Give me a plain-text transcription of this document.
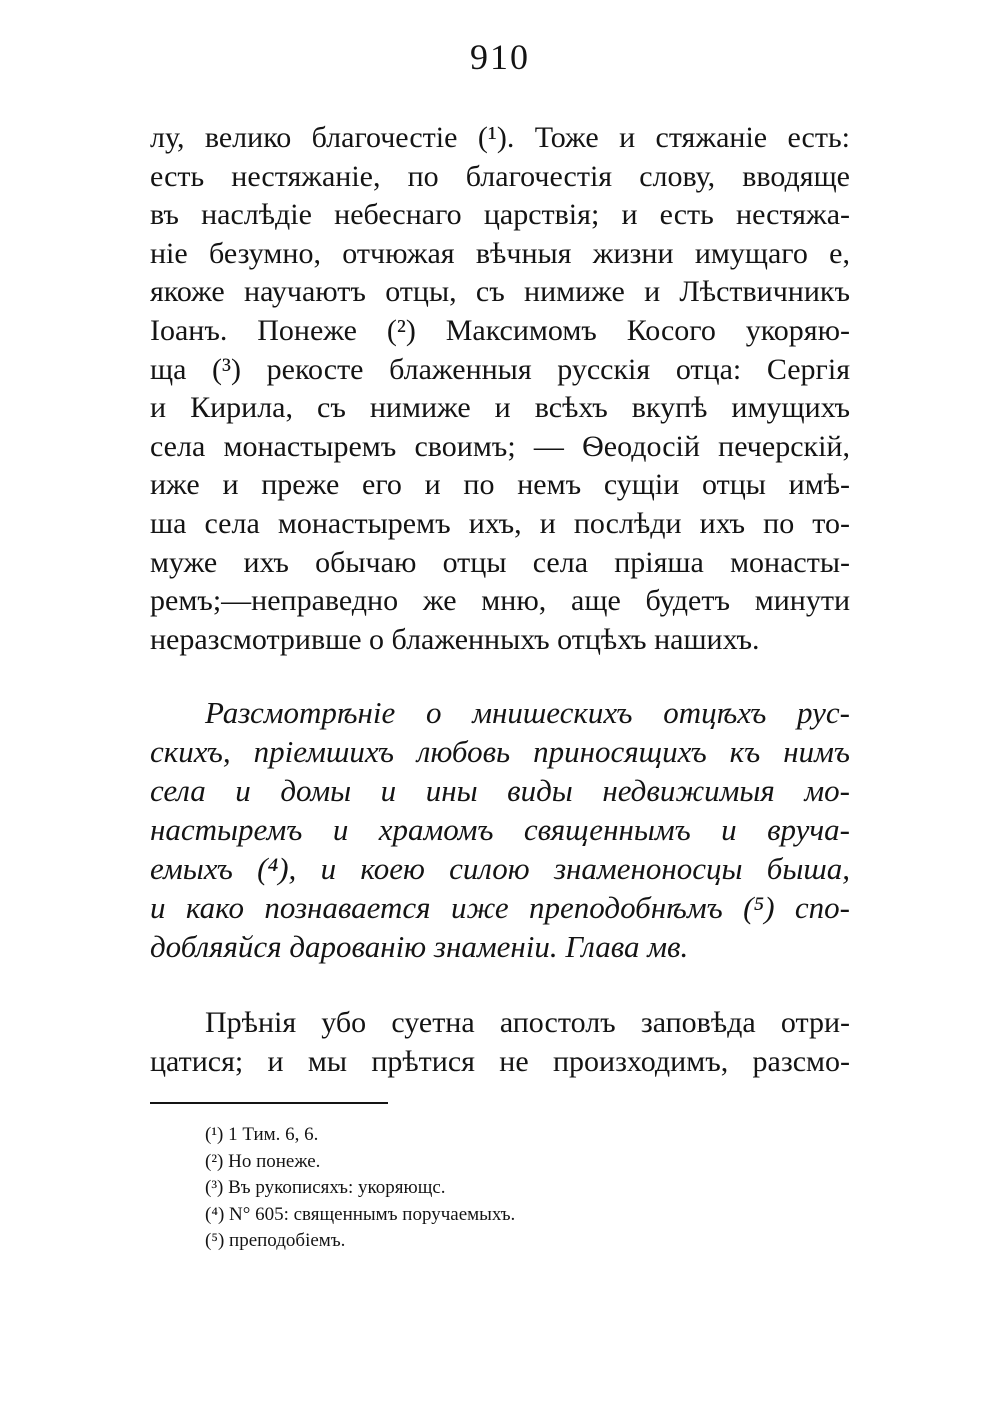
910
лу, велико благочестіе (¹). Тоже и стяжаніе есть:
есть нестяжаніе, по благочестія слову, вводяще
въ наслѣдіе небеснаго царствія; и есть нестяжа-
ніе безумно, отчюжая вѣчныя жизни имущаго е,
якоже научаютъ отцы, съ нимиже и Лѣствичникъ
Іоанъ. Понеже (²) Максимомъ Косого укоряю-
ща (³) рекосте блаженныя русскія отца: Сергія
и Кирила, съ нимиже и всѣхъ вкупѣ имущихъ
села монастыремъ своимъ; — Ѳеодосій печерскій,
иже и преже его и по немъ сущіи отцы имѣ-
ша села монастыремъ ихъ, и послѣди ихъ по то-
муже ихъ обычаю отцы села пріяша монасты-
ремъ;—неправедно же мню, аще будетъ минути
неразсмотривше о блаженныхъ отцѣхъ нашихъ.
Разсмотрѣніе о мнишескихъ отцѣхъ рус-
скихъ, пріемшихъ любовь приносящихъ къ нимъ
села и домы и ины виды недвижимыя мо-
настыремъ и храмомъ священнымъ и вручa-
емыхъ (⁴), и коею силою знаменоносцы быша,
и како познавается иже преподобнѣмъ (⁵) спо-
добляяйся дарованію знаменіи. Глава мв.
Прѣнія убо суетна апостолъ заповѣда отри-
цатися; и мы прѣтися не произходимъ, разсмо-
(¹) 1 Тим. 6, 6.
(²) Но понеже.
(³) Въ рукописяхъ: укоряющс.
(⁴) N° 605: священнымъ поручаемыхъ.
(⁵) преподобіемъ.
